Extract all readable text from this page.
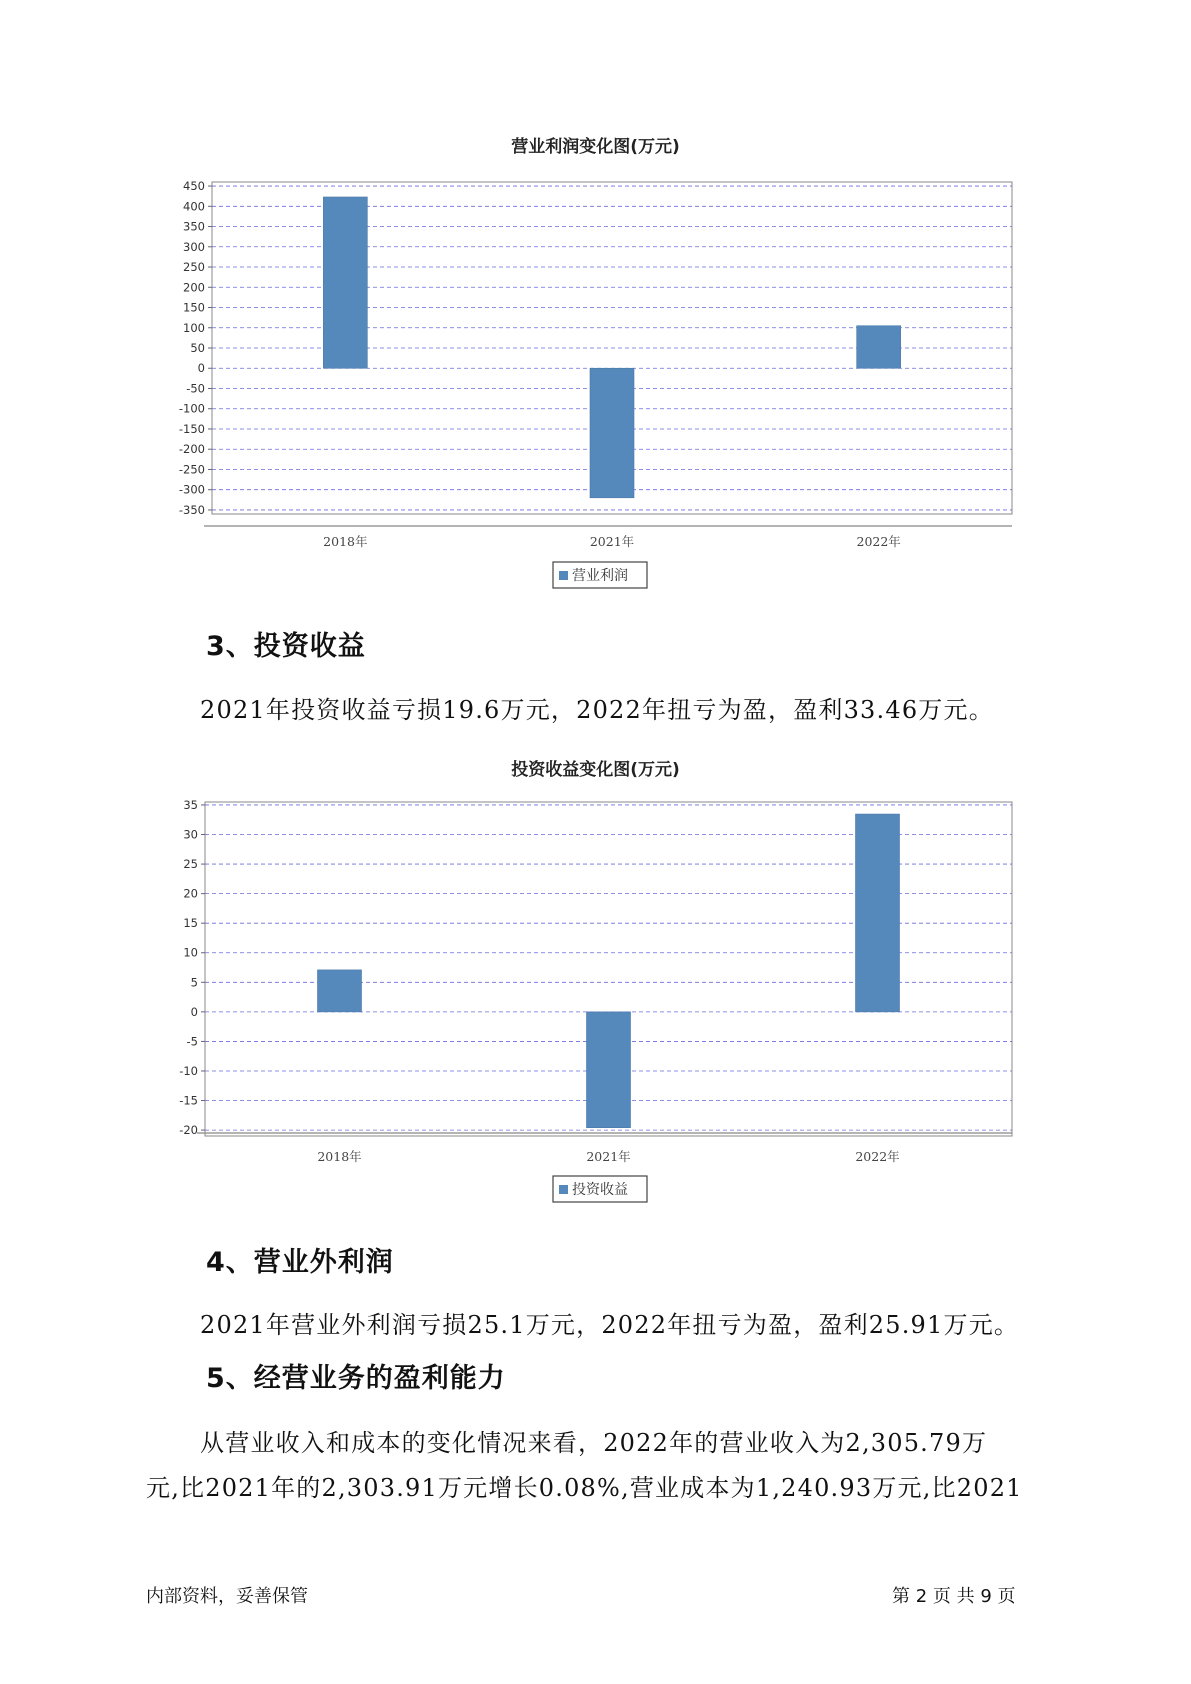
营业利润变化图(万元)
450
400
350
300
250
200
150
100
50
0
-50
-100
-150
-200
-250
-300
-350
2018年	2021年	2022年
营业利润
3、投资收益
2021年投资收益亏损19.6万元，2022年扭亏为盈，盈利33.46万元。
投资收益变化图(万元)
35
30
25
20
15
10
5
0
-5
-10
-15
-20
2018年	2021年	2022年
投资收益
4、营业外利润
2021年营业外利润亏损25.1万元，2022年扭亏为盈，盈利25.91万元。
5、经营业务的盈利能力
从营业收入和成本的变化情况来看，2022年的营业收入为2,305.79万
元,比2021年的2,303.91万元增长0.08%,营业成本为1,240.93万元,比2021
内部资料，妥善保管	第 2 页 共 9 页
